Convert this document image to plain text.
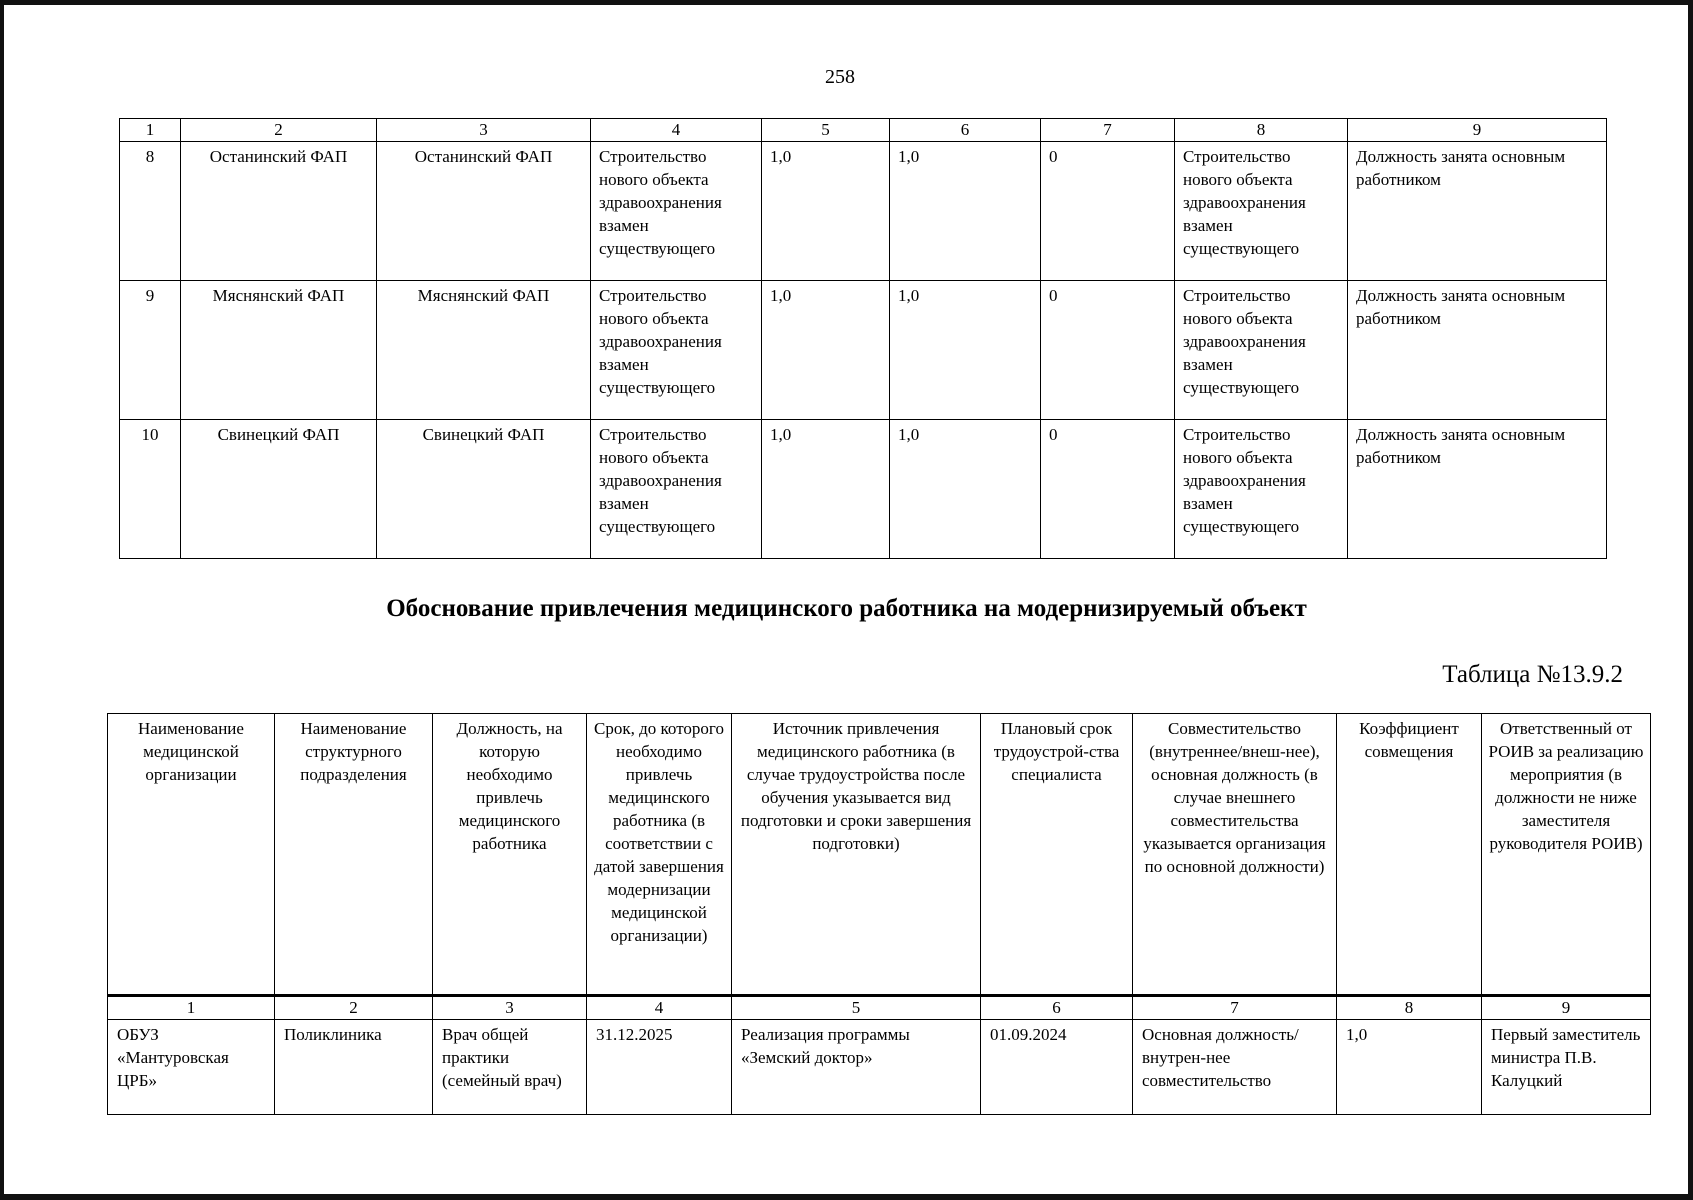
258
1	2	3	4	5	6	7	8	9
8	Останинский ФАП	Останинский ФАП	Строительство нового объекта здравоохранения взамен существующего	1,0	1,0	0	Строительство нового объекта здравоохранения взамен существующего	Должность занята основным работником
9	Мяснянский ФАП	Мяснянский ФАП	Строительство нового объекта здравоохранения взамен существующего	1,0	1,0	0	Строительство нового объекта здравоохранения взамен существующего	Должность занята основным работником
10	Свинецкий ФАП	Свинецкий ФАП	Строительство нового объекта здравоохранения взамен существующего	1,0	1,0	0	Строительство нового объекта здравоохранения взамен существующего	Должность занята основным работником
Обоснование привлечения медицинского работника на модернизируемый объект
Таблица №13.9.2
Наименование медицинской организации	Наименование структурного подразделения	Должность, на которую необходимо привлечь медицинского работника	Срок, до которого необходимо привлечь медицинского работника (в соответствии с датой завершения модернизации медицинской организации)	Источник привлечения медицинского работника (в случае трудоустройства после обучения указывается вид подготовки и сроки завершения подготовки)	Плановый срок трудоустрой-ства специалиста	Совместительство (внутреннее/внеш-нее), основная должность (в случае внешнего совместительства указывается организация по основной должности)	Коэффициент совмещения	Ответственный от РОИВ за реализацию мероприятия (в должности не ниже заместителя руководителя РОИВ)
1	2	3	4	5	6	7	8	9
ОБУЗ «Мантуровская ЦРБ»	Поликлиника	Врач общей практики (семейный врач)	31.12.2025	Реализация программы «Земский доктор»	01.09.2024	Основная должность/внутрен-нее совместительство	1,0	Первый заместитель министра П.В. Калуцкий
